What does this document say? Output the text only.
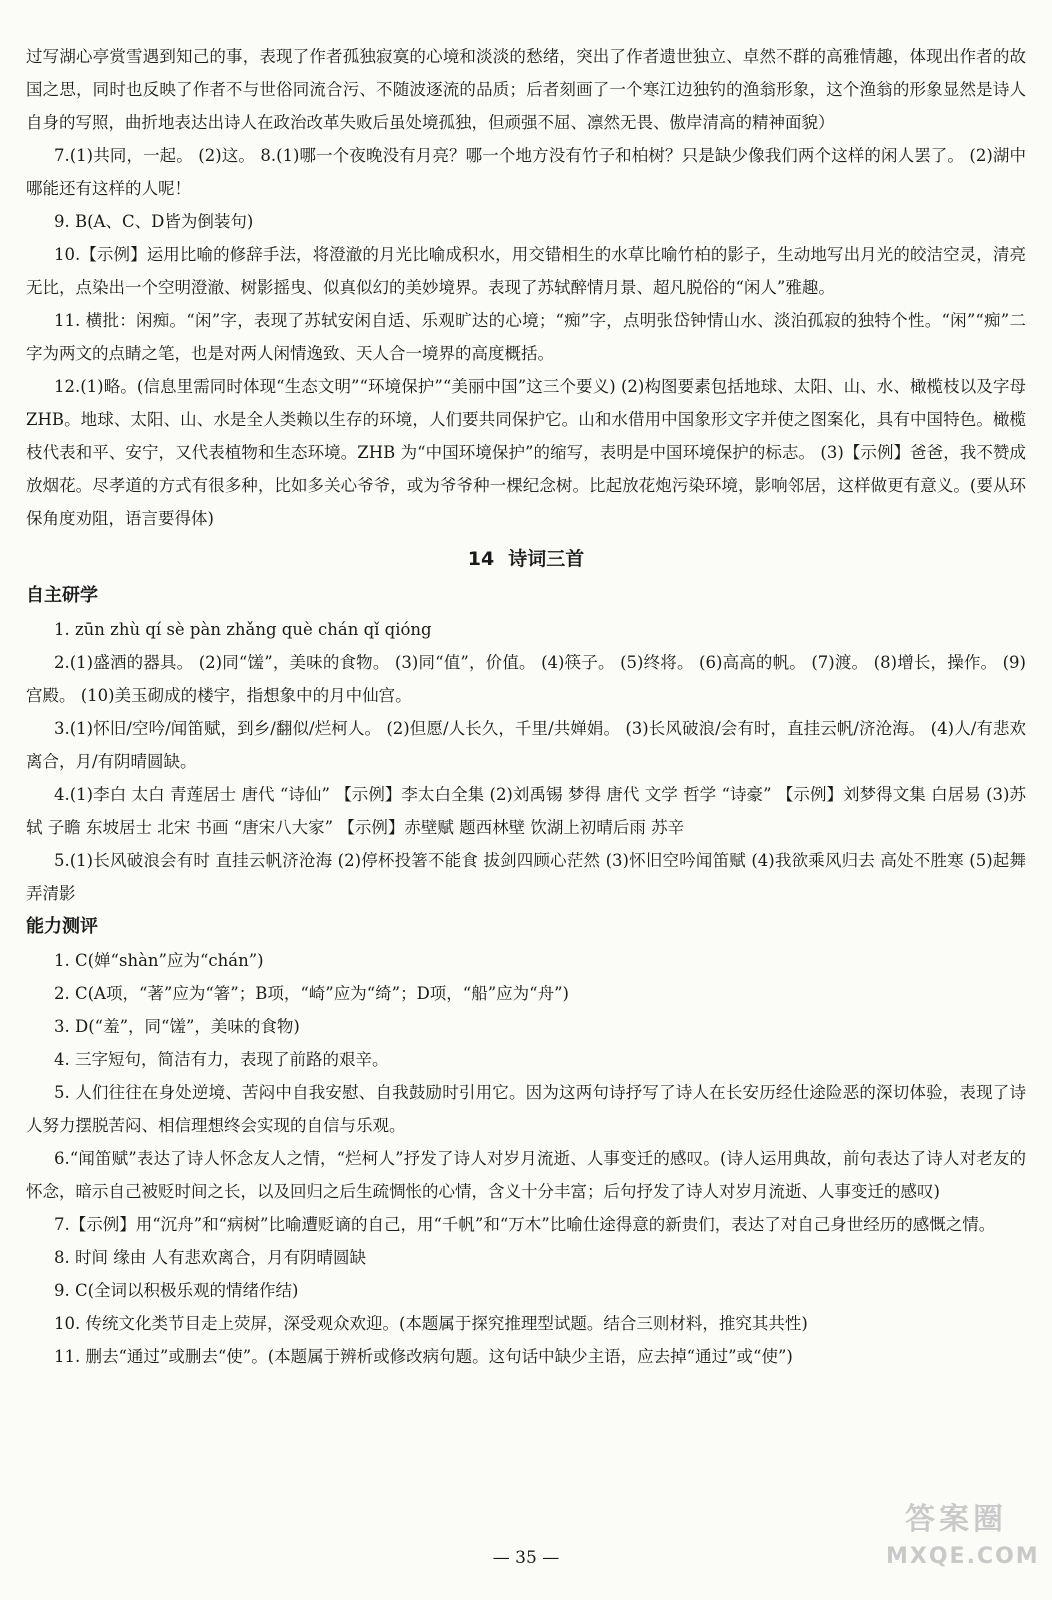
过写湖心亭赏雪遇到知己的事，表现了作者孤独寂寞的心境和淡淡的愁绪，突出了作者遗世独立、卓然不群的高雅情趣，体现出作者的故国之思，同时也反映了作者不与世俗同流合污、不随波逐流的品质；后者刻画了一个寒江边独钓的渔翁形象，这个渔翁的形象显然是诗人自身的写照，曲折地表达出诗人在政治改革失败后虽处境孤独，但顽强不屈、凛然无畏、傲岸清高的精神面貌）

7.(1)共同，一起。 (2)这。 8.(1)哪一个夜晚没有月亮？哪一个地方没有竹子和柏树？只是缺少像我们两个这样的闲人罢了。 (2)湖中哪能还有这样的人呢！

9. B(A、C、D皆为倒装句)

10.【示例】运用比喻的修辞手法，将澄澈的月光比喻成积水，用交错相生的水草比喻竹柏的影子，生动地写出月光的皎洁空灵，清亮无比，点染出一个空明澄澈、树影摇曳、似真似幻的美妙境界。表现了苏轼醉情月景、超凡脱俗的“闲人”雅趣。

11. 横批：闲痴。“闲”字，表现了苏轼安闲自适、乐观旷达的心境；“痴”字，点明张岱钟情山水、淡泊孤寂的独特个性。“闲”“痴”二字为两文的点睛之笔，也是对两人闲情逸致、天人合一境界的高度概括。

12.(1)略。(信息里需同时体现“生态文明”“环境保护”“美丽中国”这三个要义) (2)构图要素包括地球、太阳、山、水、橄榄枝以及字母 ZHB。地球、太阳、山、水是全人类赖以生存的环境，人们要共同保护它。山和水借用中国象形文字并使之图案化，具有中国特色。橄榄枝代表和平、安宁，又代表植物和生态环境。ZHB 为“中国环境保护”的缩写，表明是中国环境保护的标志。 (3)【示例】爸爸，我不赞成放烟花。尽孝道的方式有很多种，比如多关心爷爷，或为爷爷种一棵纪念树。比起放花炮污染环境，影响邻居，这样做更有意义。(要从环保角度劝阻，语言要得体)

14 诗词三首
自主研学

1. zūn zhù qí sè pàn zhǎng què chán qǐ qióng

2.(1)盛酒的器具。 (2)同“馐”，美味的食物。 (3)同“值”，价值。 (4)筷子。 (5)终将。 (6)高高的帆。 (7)渡。 (8)增长，操作。 (9)宫殿。 (10)美玉砌成的楼宇，指想象中的月中仙宫。

3.(1)怀旧/空吟/闻笛赋，到乡/翻似/烂柯人。 (2)但愿/人长久，千里/共婵娟。 (3)长风破浪/会有时，直挂云帆/济沧海。 (4)人/有悲欢离合，月/有阴晴圆缺。

4.(1)李白 太白 青莲居士 唐代 “诗仙” 【示例】李太白全集 (2)刘禹锡 梦得 唐代 文学 哲学 “诗豪” 【示例】刘梦得文集 白居易 (3)苏轼 子瞻 东坡居士 北宋 书画 “唐宋八大家” 【示例】赤壁赋 题西林壁 饮湖上初晴后雨 苏辛

5.(1)长风破浪会有时 直挂云帆济沧海 (2)停杯投箸不能食 拔剑四顾心茫然 (3)怀旧空吟闻笛赋 (4)我欲乘风归去 高处不胜寒 (5)起舞弄清影

能力测评

1. C(婵“shàn”应为“chán”)

2. C(A项，“著”应为“箸”；B项，“崎”应为“绮”；D项，“船”应为“舟”)

3. D(“羞”，同“馐”，美味的食物)

4. 三字短句，简洁有力，表现了前路的艰辛。

5. 人们往往在身处逆境、苦闷中自我安慰、自我鼓励时引用它。因为这两句诗抒写了诗人在长安历经仕途险恶的深切体验，表现了诗人努力摆脱苦闷、相信理想终会实现的自信与乐观。

6.“闻笛赋”表达了诗人怀念友人之情，“烂柯人”抒发了诗人对岁月流逝、人事变迁的感叹。(诗人运用典故，前句表达了诗人对老友的怀念，暗示自己被贬时间之长，以及回归之后生疏惆怅的心情，含义十分丰富；后句抒发了诗人对岁月流逝、人事变迁的感叹)

7.【示例】用“沉舟”和“病树”比喻遭贬谪的自己，用“千帆”和“万木”比喻仕途得意的新贵们，表达了对自己身世经历的感慨之情。

8. 时间 缘由 人有悲欢离合，月有阴晴圆缺

9. C(全词以积极乐观的情绪作结)

10. 传统文化类节目走上荧屏，深受观众欢迎。(本题属于探究推理型试题。结合三则材料，推究其共性)

11. 删去“通过”或删去“使”。(本题属于辨析或修改病句题。这句话中缺少主语，应去掉“通过”或“使”)

答案圈
MXQE.COM
— 35 —
